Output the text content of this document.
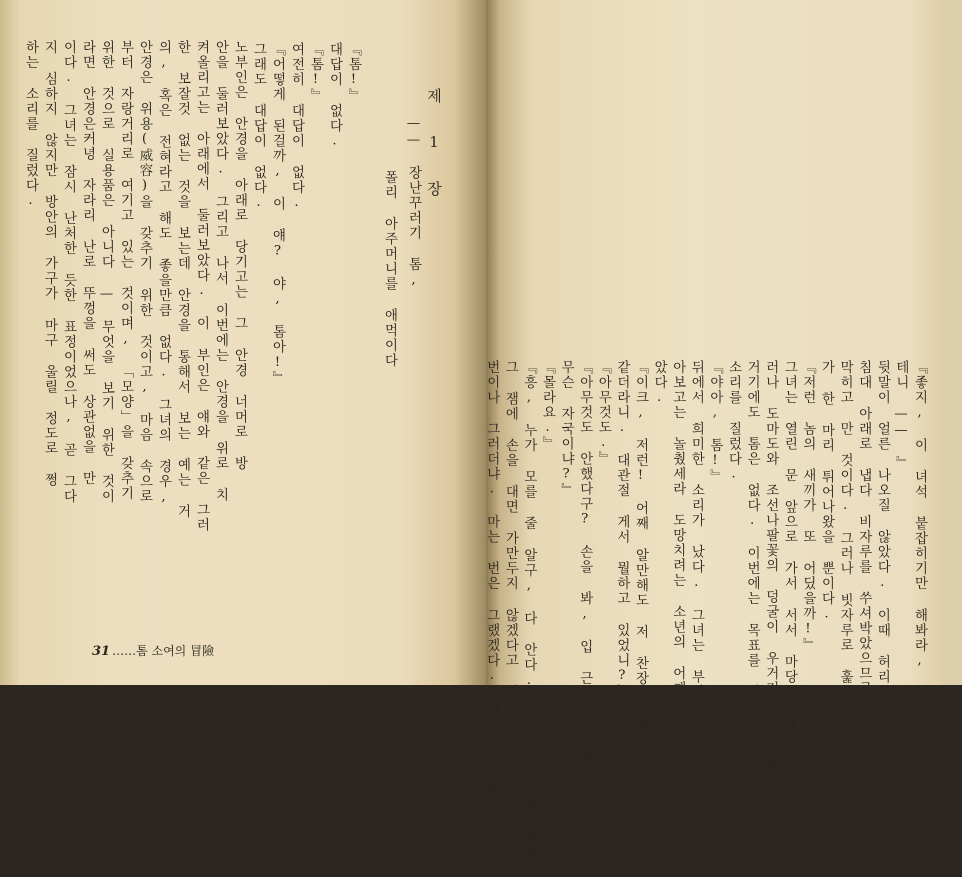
제 1 장
—— 장난꾸러기 톰,
폴리 아주머니를 애먹이다
『톰!』
대답이 없다.
『톰!』
여전히 대답이 없다.
『어떻게 된걸까, 이 얘? 야, 톰아!』
그래도 대답이 없다.
노부인은 안경을 아래로 당기고는 그 안경 너머로 방
안을 둘러보았다. 그리고 나서 이번에는 안경을 위로 치
켜올리고는 아래에서 둘러보았다. 이 부인은 얘와 같은 그러
한 보잘것 없는 것을 보는데 안경을 통해서 보는 예는 거
의, 혹은 전혀라고 해도 좋을만큼 없다. 그녀의 경우,
안경은 위용(威容)을 갖추기 위한 것이고, 마음 속으로
부터 자랑거리로 여기고 있는 것이며, 「모양」을 갖추기
위한 것으로 실용품은 아니다 — 무엇을 보기 위한 것이
라면 안경은커녕 자라리 난로 뚜껑을 써도 상관없을 만
이다. 그녀는 잠시 난처한 듯한 표정이었으나, 곧 그다
지 심하지 않지만 방안의 가구가 마구 울릴 정도로 쩡
하는 소리를 질렀다.
31 ……톰 소여의 冒險	『좋지, 이 녀석 붙잡히기만 해봐라, 그냥 두진 않을
테니 —— 』
뒷말이 얼른 나오질 않았다. 이때 허리를 구부리고는
침대 아래로 냅다 비자루를 쑤셔박았으므로 그만 숨이 막
막히고 만 것이다. 그러나 빗자루로 훑은 결과는 고양이
가 한 마리 튀어나왔을 뿐이다.
『저런 놈의 새끼가 또 어딨을까!』
그녀는 열린 문 앞으로 가서 서서 마당을 내다본다. 그
러나 도마도와 조선나팔꽃의 덩굴이 우거져 있을 뿐이고
거기에도 톰은 없다. 이번에는 목표를 먼 쪽에다 두고서
소리를 질렀다.
『야아, 톰!』
뒤에서 희미한 소리가 났다. 그녀는 부리나케 뒤를 돌
아보고는 놀췄세라 도망치려는 소년의 어깨 자락을 붙잡
았다.
『이크, 저런! 어째 알만해도 저 찬장 속에 있는 것만
같더라니. 대관절 게서 뭘하고 있었니?』
『아무것도.』
『아무것도 안했다구? 손을 봐, 입 근처 좀 봐. 그건
무슨 자국이냐?』
『몰라요.』
『흥, 누가 모를 줄 알구, 다 안다. 잼이지, 그게 뻔해.
그 잼에 손을 대면 가만두지 않겠다고 내가 여태까지 몇
번이나 그러더냐. 마는 번은 그랬겠다. 자, 그 회초리 이
